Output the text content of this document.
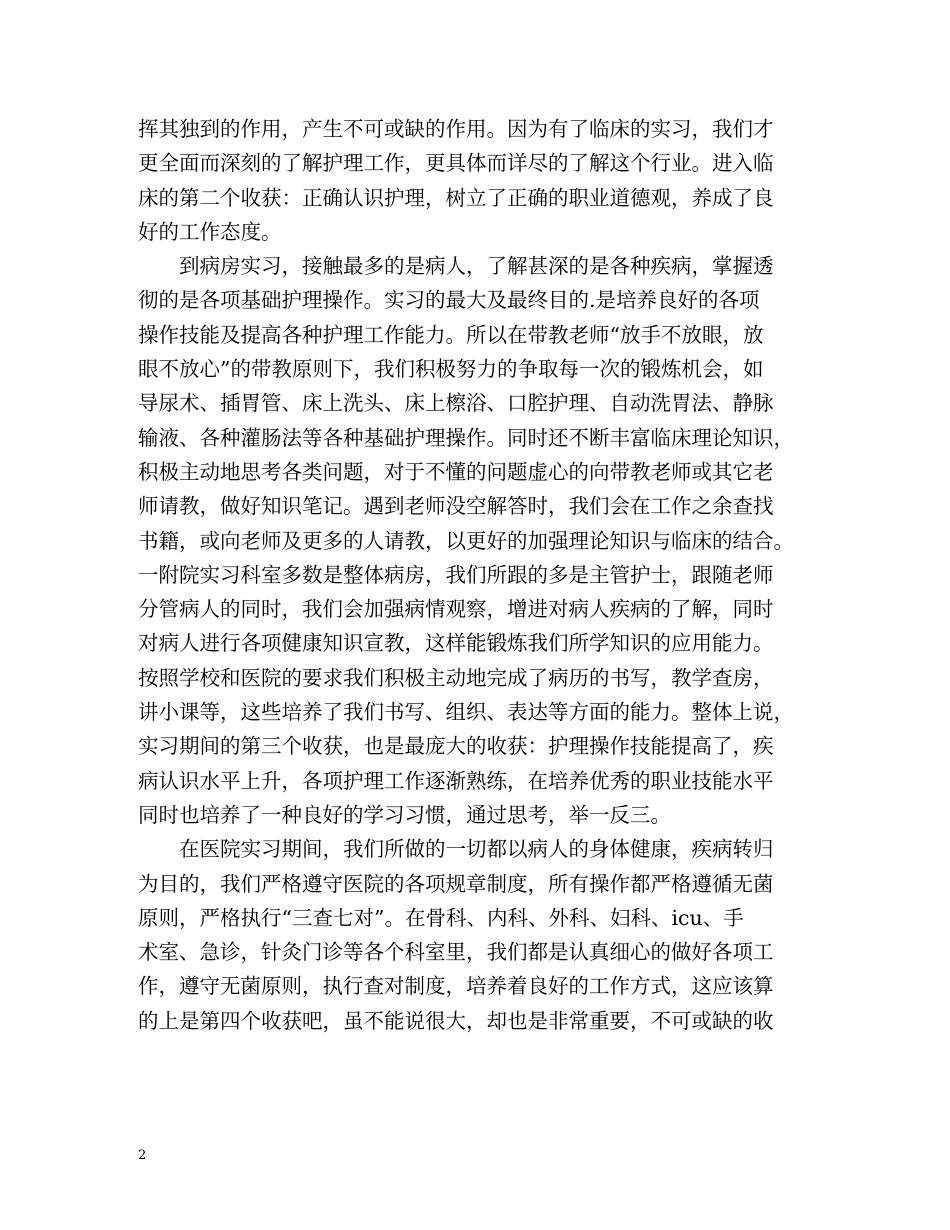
挥其独到的作用，产生不可或缺的作用。因为有了临床的实习，我们才
更全面而深刻的了解护理工作，更具体而详尽的了解这个行业。进入临
床的第二个收获：正确认识护理，树立了正确的职业道德观，养成了良
好的工作态度。
到病房实习，接触最多的是病人，了解甚深的是各种疾病，掌握透
彻的是各项基础护理操作。实习的最大及最终目的.是培养良好的各项
操作技能及提高各种护理工作能力。所以在带教老师“放手不放眼，放
眼不放心”的带教原则下，我们积极努力的争取每一次的锻炼机会，如
导尿术、插胃管、床上洗头、床上檫浴、口腔护理、自动洗胃法、静脉
输液、各种灌肠法等各种基础护理操作。同时还不断丰富临床理论知识，
积极主动地思考各类问题，对于不懂的问题虚心的向带教老师或其它老
师请教，做好知识笔记。遇到老师没空解答时，我们会在工作之余查找
书籍，或向老师及更多的人请教，以更好的加强理论知识与临床的结合。
一附院实习科室多数是整体病房，我们所跟的多是主管护士，跟随老师
分管病人的同时，我们会加强病情观察，增进对病人疾病的了解，同时
对病人进行各项健康知识宣教，这样能锻炼我们所学知识的应用能力。
按照学校和医院的要求我们积极主动地完成了病历的书写，教学查房，
讲小课等，这些培养了我们书写、组织、表达等方面的能力。整体上说，
实习期间的第三个收获，也是最庞大的收获：护理操作技能提高了，疾
病认识水平上升，各项护理工作逐渐熟练，在培养优秀的职业技能水平
同时也培养了一种良好的学习习惯，通过思考，举一反三。
在医院实习期间，我们所做的一切都以病人的身体健康，疾病转归
为目的，我们严格遵守医院的各项规章制度，所有操作都严格遵循无菌
原则，严格执行“三查七对”。在骨科、内科、外科、妇科、icu、手
术室、急诊，针灸门诊等各个科室里，我们都是认真细心的做好各项工
作，遵守无菌原则，执行查对制度，培养着良好的工作方式，这应该算
的上是第四个收获吧，虽不能说很大，却也是非常重要，不可或缺的收
2
